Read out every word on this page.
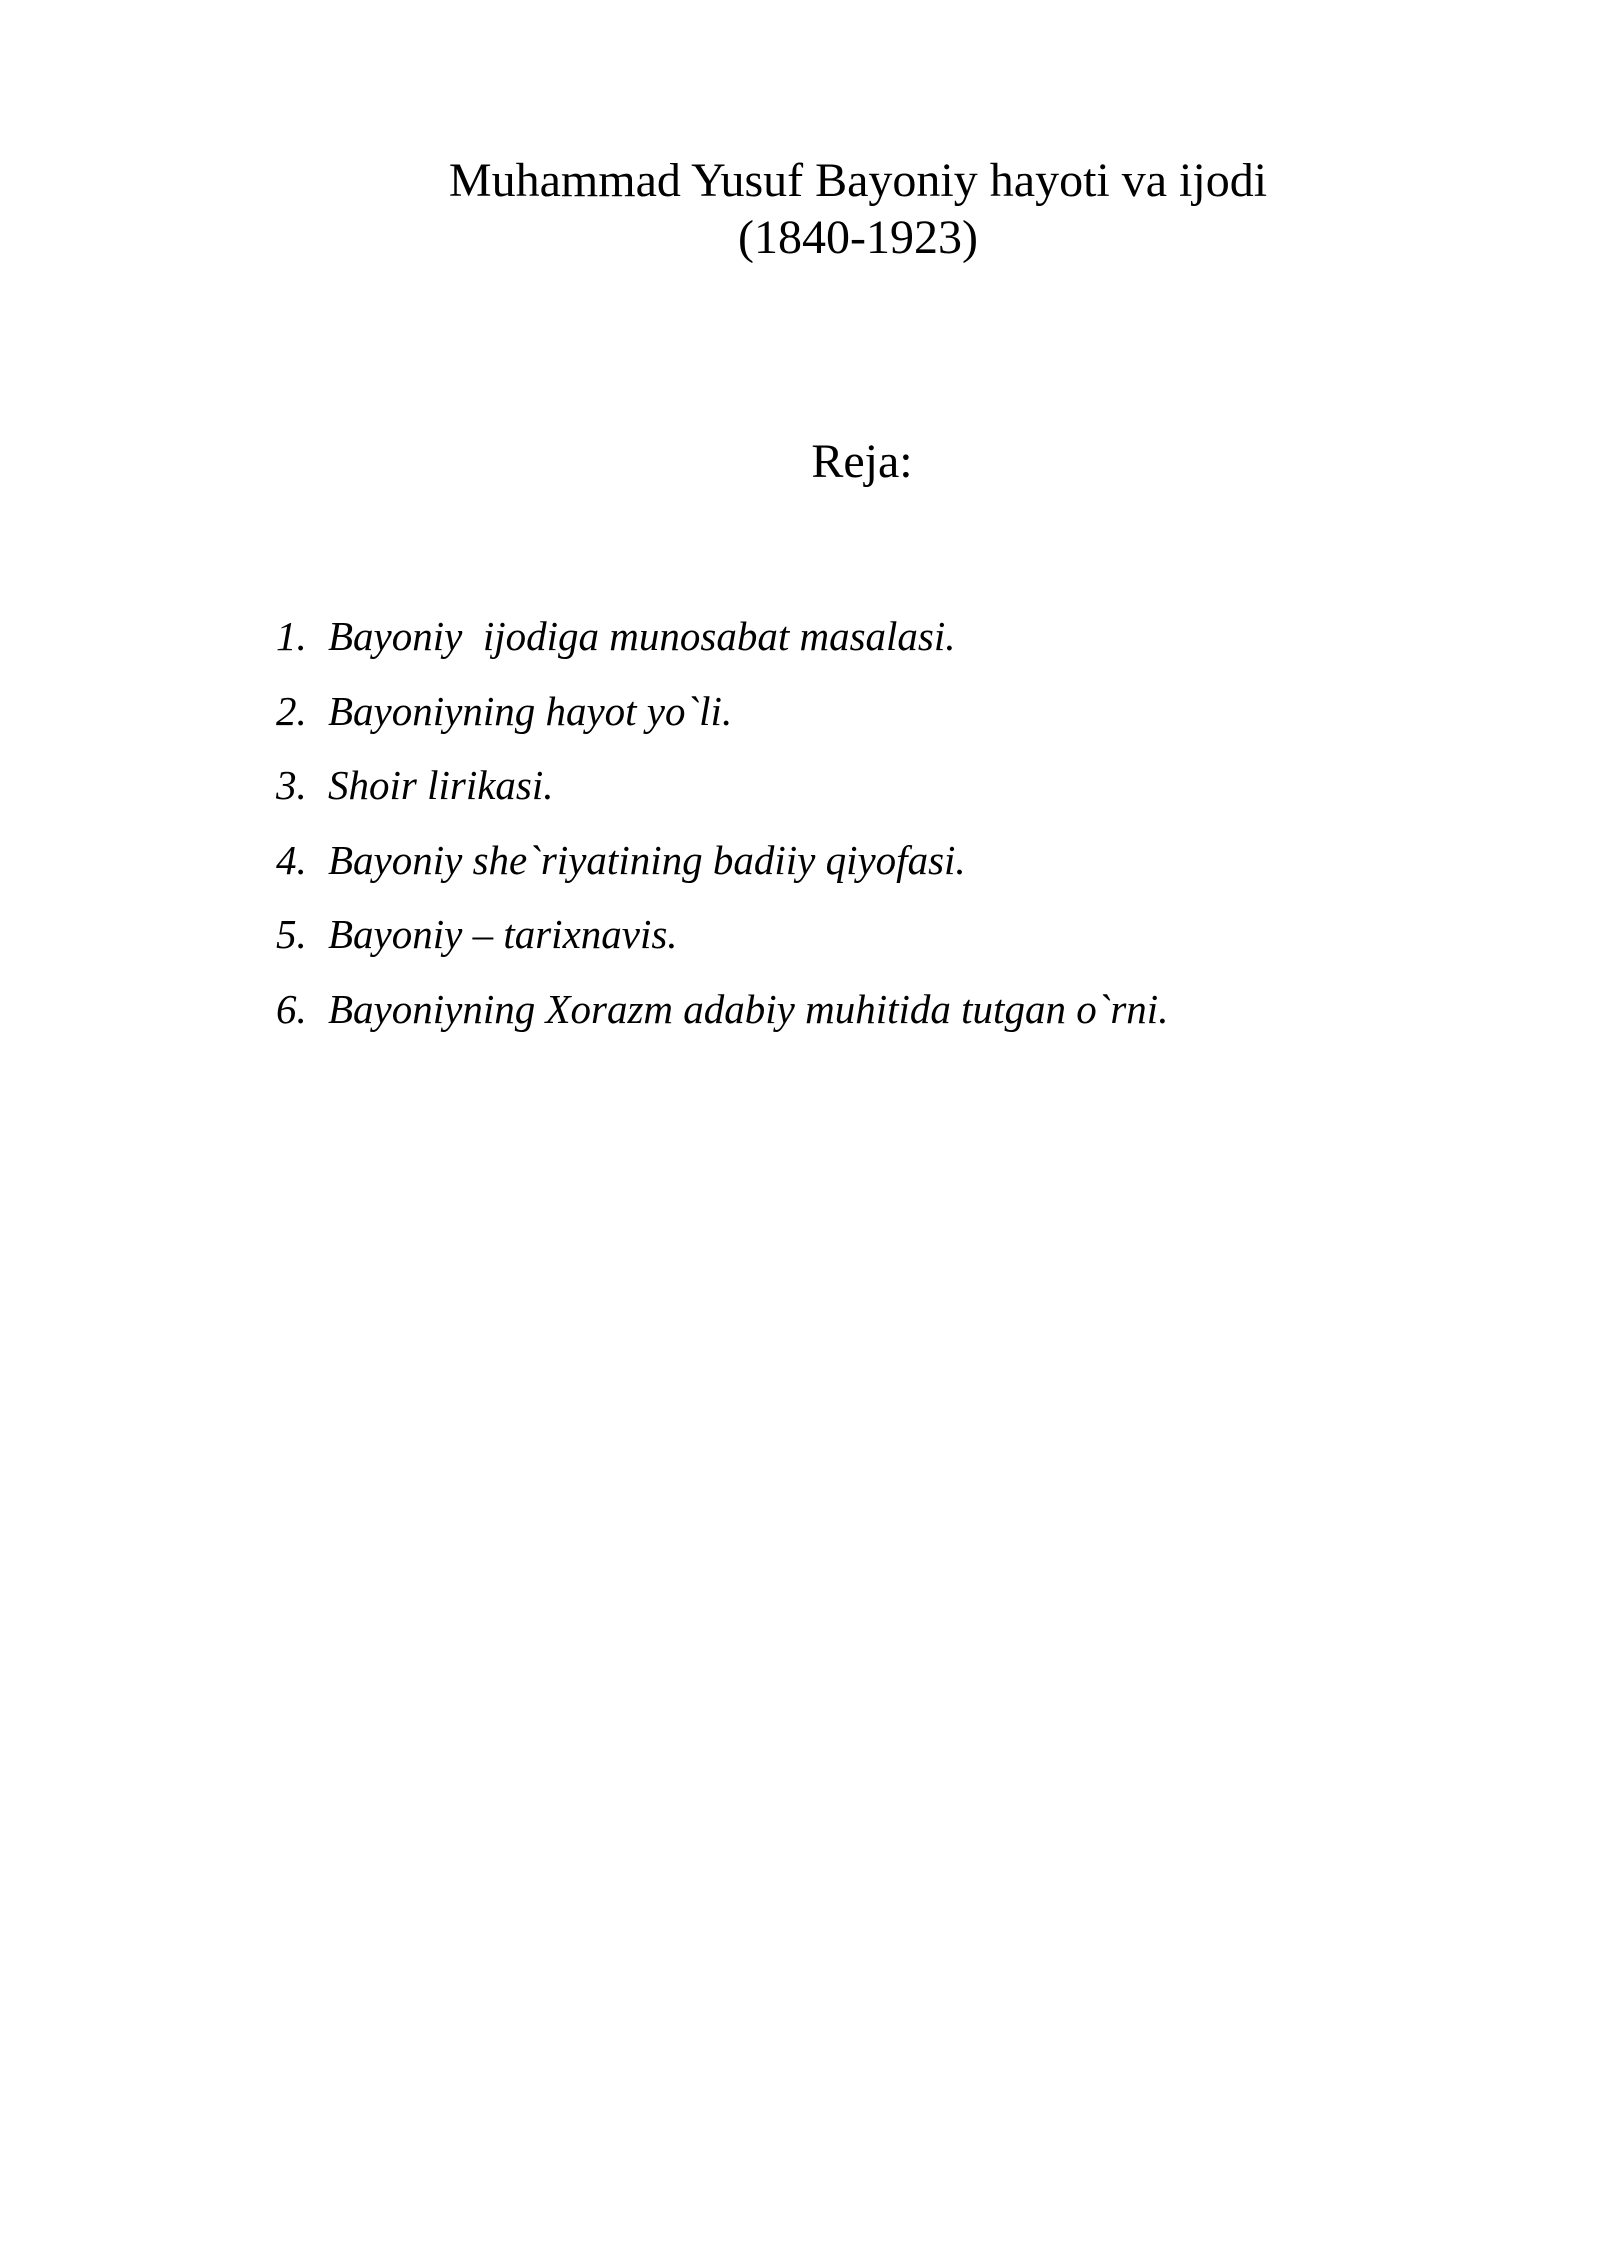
Muhammad Yusuf Bayoniy hayoti va ijodi
(1840-1923)
Reja:
1. Bayoniy  ijodiga munosabat masalasi.
2. Bayoniyning hayot yo`li.
3. Shoir lirikasi.
4. Bayoniy she`riyatining badiiy qiyofasi.
5. Bayoniy – tarixnavis.
6. Bayoniyning Xorazm adabiy muhitida tutgan o`rni.
